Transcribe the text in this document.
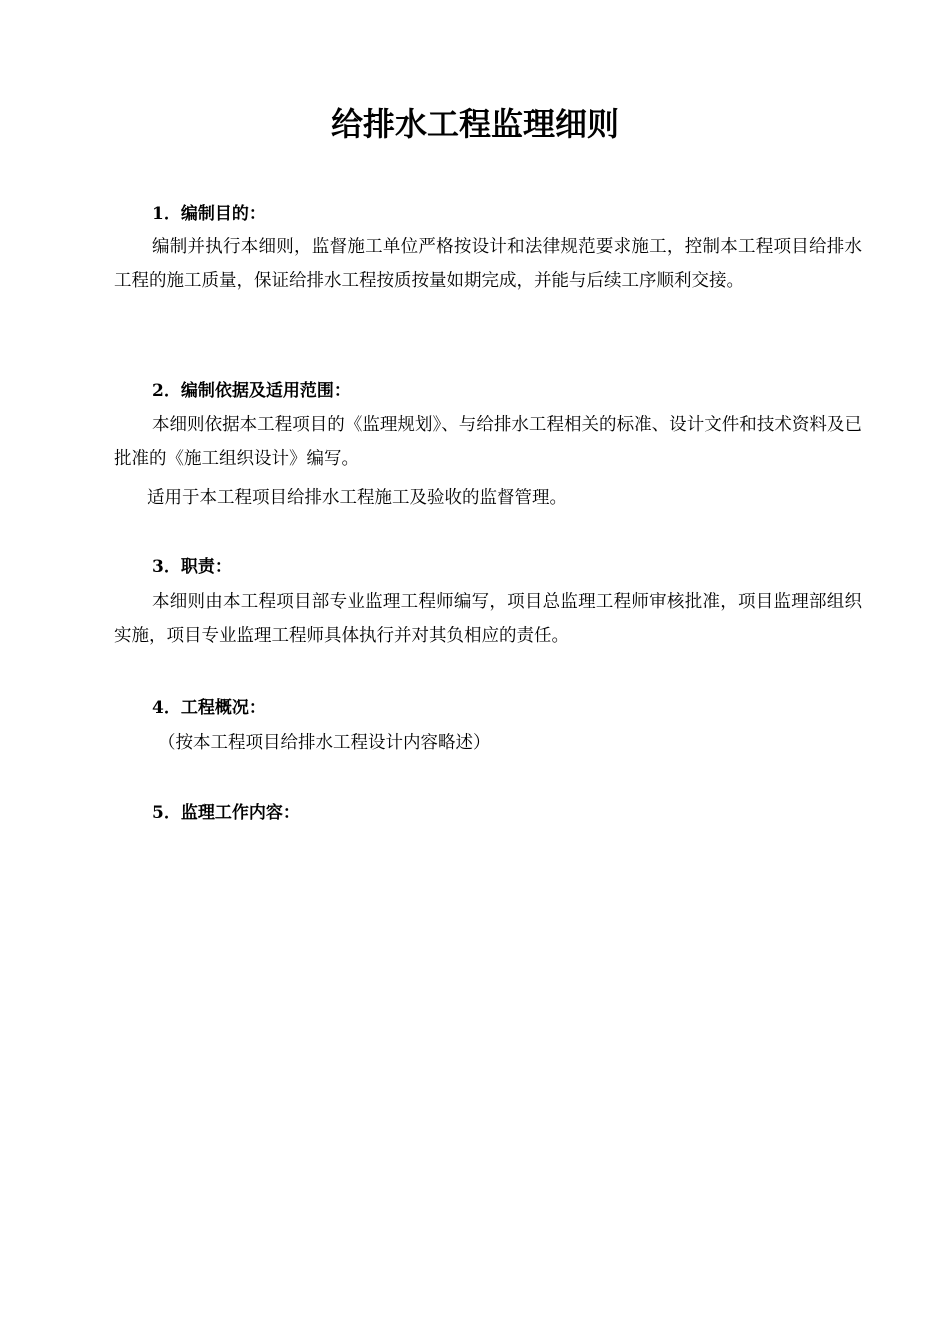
给排水工程监理细则

1．编制目的：

编制并执行本细则，监督施工单位严格按设计和法律规范要求施工，控制本工程项目给排水工程的施工质量，保证给排水工程按质按量如期完成，并能与后续工序顺利交接。

2．编制依据及适用范围：

本细则依据本工程项目的《监理规划》、与给排水工程相关的标准、设计文件和技术资料及已批准的《施工组织设计》编写。

适用于本工程项目给排水工程施工及验收的监督管理。

3．职责：

本细则由本工程项目部专业监理工程师编写，项目总监理工程师审核批准，项目监理部组织实施，项目专业监理工程师具体执行并对其负相应的责任。

4．工程概况：

（按本工程项目给排水工程设计内容略述）

5．监理工作内容：
